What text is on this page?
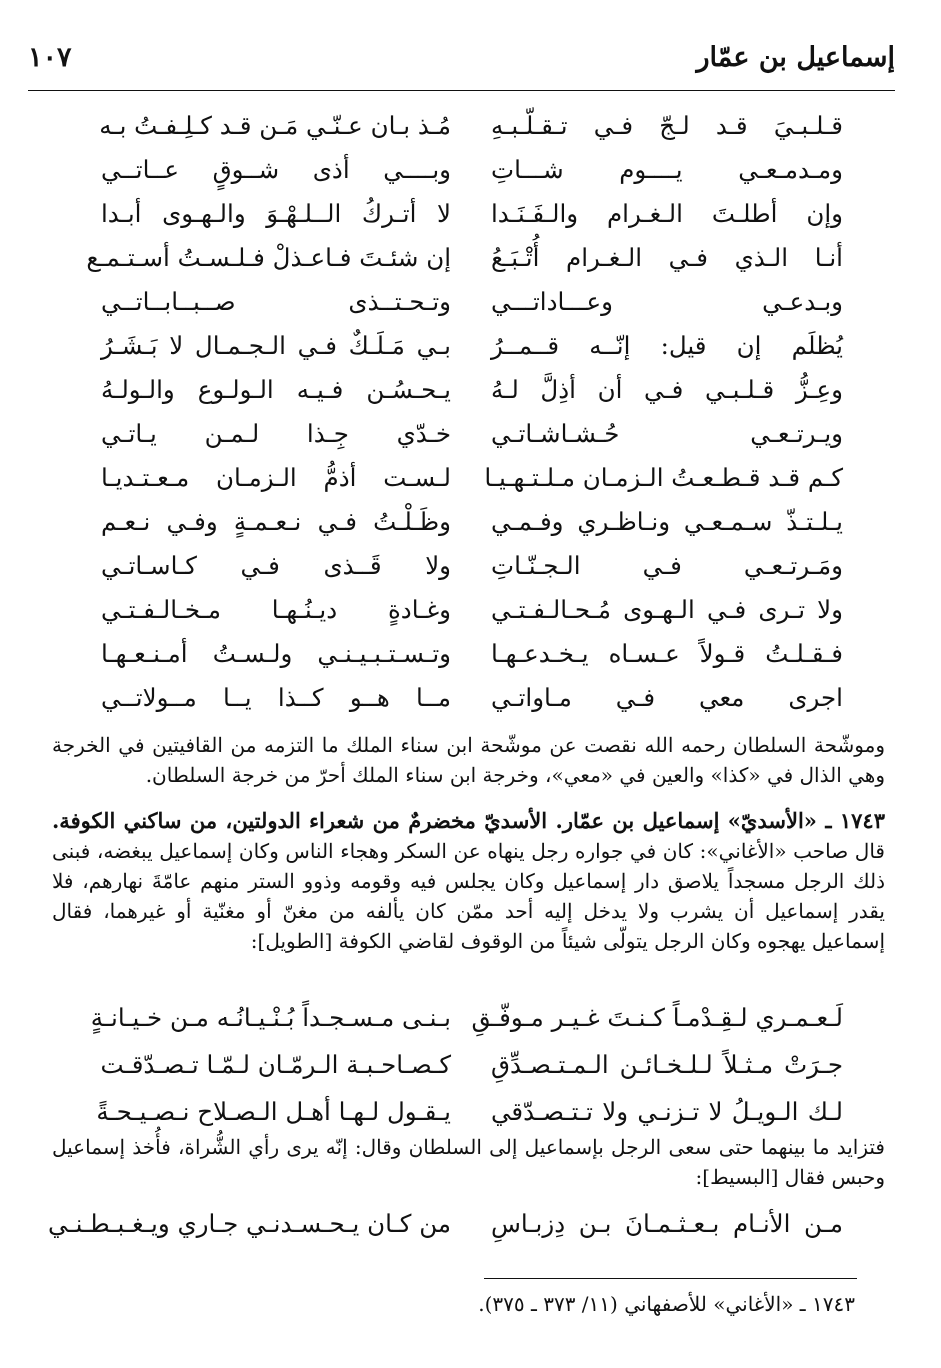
إسماعيل بن عمّار
١٠٧
مُـذ بـان عـنّـي مَـن قـد كـلِـفـتُ بـه قـلـبـيَ قـد لـجّ فـي تـقـلّـبـهِ
وبــــي أذى شــوقٍ عــاتــي ومـدمـعـي يــــوم شـــاتِ
لا أتـركُ الــلـهْـوَ والـهـوى أبـدا وإن أطلـتَ الـغـرام والـفَـنَـدا
إن شئـتَ فـاعـذلْ فـلـسـتُ أسـتـمـع أنـا الـذي فـي الـغـرام أُتْـبَـعُ
وتـحـتــذى صــبــابــاتــي وبـدعـي وعـــاداتـــي
بـي مَـلَـكٌ فـي الـجـمـال لا بَـشَـرُ يُظلَم إن قيل: إنّــه قــمــرُ
يـحـسُـن فـيـه الـولـوع والـولـهُ وعِـزُّ قـلـبـي فـي أن أذِلَّ لـهُ
خـدّي جِـذا لـمـن يـاتـي ويـرتـعـي حُـشـاشـاتـي
لـسـت أذمُّ الـزمـان مـعـتـديـا كـم قـد قـطـعـتُ الـزمـان مـلـتـهـيـا
وظَـلْـتُ فـي نـعـمـةٍ وفـي نـعـم يـلـتـذّ سـمـعـي ونـاظـري وفـمـي
ولا قَــذى فـي كـاسـاتـي ومَـرتـعـي فـي الـجـنّـاتِ
وغـادةٍ ديـنُـهـا مـخـالـفـتـي ولا تـرى فـي الـهـوى مُـحـالـفـتـي
وتـسـتـبـيـنـي ولـسـتُ أمـنـعـهـا فـقـلـتُ قـولاً عـسـاه يـخـدعـهـا
مــا هــو كــذا يــا مــولاتــي اجرى معي فـي مـاواتـي

وموشّحة السلطان رحمه الله نقصت عن موشّحة ابن سناء الملك ما التزمه من القافيتين في الخرجة وهي الذال في «كذا» والعين في «معي»، وخرجة ابن سناء الملك أحرّ من خرجة السلطان.

١٧٤٣ ـ «الأسديّ» إسماعيل بن عمّار. الأسديّ مخضرمٌ من شعراء الدولتين، من ساكني الكوفة. قال صاحب «الأغاني»: كان في جواره رجل ينهاه عن السكر وهجاء الناس وكان إسماعيل يبغضه، فبنى ذلك الرجل مسجداً يلاصق دار إسماعيل وكان يجلس فيه وقومه وذوو الستر منهم عامّةَ نهارهم، فلا يقدر إسماعيل أن يشرب ولا يدخل إليه أحد ممّن كان يألفه من مغنّ أو مغنّية أو غيرهما، فقال إسماعيل يهجوه وكان الرجل يتولّى شيئاً من الوقوف لقاضي الكوفة [الطويل]:

بـنـى مـسـجـداً بُـنْـيـانُـه مـن خـيـانـةٍ لَـعـمـري لـقِـدْمـاً كـنـتَ غـيـر مـوفّـقِ
كـصـاحـبـة الـرمّـان لـمّـا تـصـدّقـت جـرَتْ مـثـلاً لـلـخـائـن الـمـتـصـدِّقِ
يـقـول لـهـا أهـل الـصـلاح نـصـيـحـةً لـك الـويـلُ لا تـزنـي ولا تـتـصـدّقي

فتزايد ما بينهما حتى سعى الرجل بإسماعيل إلى السلطان وقال: إنّه يرى رأي الشُّراة، فأُخذ إسماعيل وحبس فقال [البسيط]:

من كـان يـحـسـدنـي جـاري ويـغـبـطـنـي مـن الأنـام بـعـثـمـانَ بـن دِزبـاسِ
١٧٤٣ ـ «الأغاني» للأصفهاني (١١/ ٣٧٣ ـ ٣٧٥).
